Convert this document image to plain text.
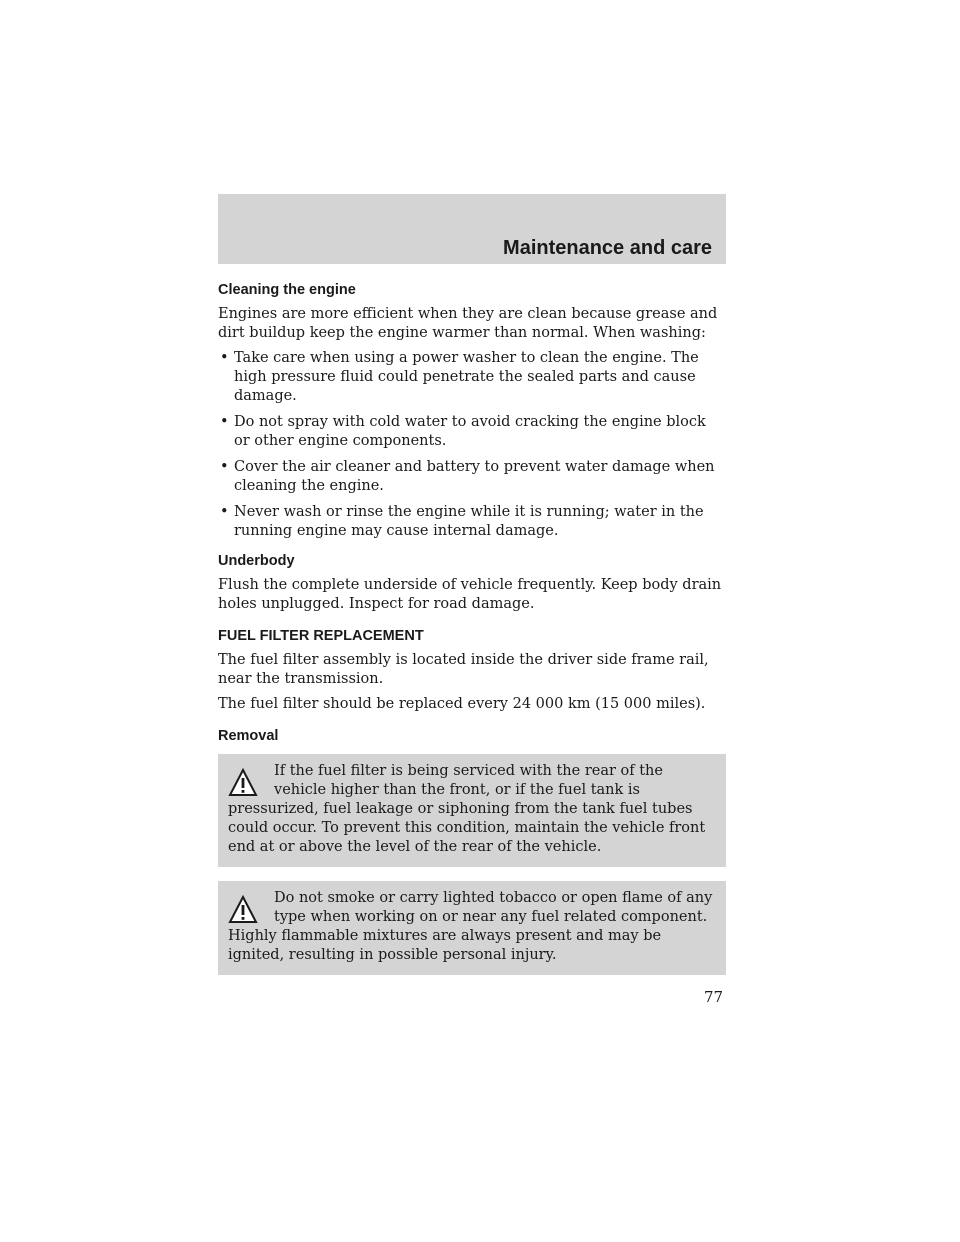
Maintenance and care
Cleaning the engine
Engines are more efficient when they are clean because grease and dirt buildup keep the engine warmer than normal. When washing:
• Take care when using a power washer to clean the engine. The high pressure fluid could penetrate the sealed parts and cause damage.
• Do not spray with cold water to avoid cracking the engine block or other engine components.
• Cover the air cleaner and battery to prevent water damage when cleaning the engine.
• Never wash or rinse the engine while it is running; water in the running engine may cause internal damage.
Underbody
Flush the complete underside of vehicle frequently. Keep body drain holes unplugged. Inspect for road damage.
FUEL FILTER REPLACEMENT
The fuel filter assembly is located inside the driver side frame rail, near the transmission.
The fuel filter should be replaced every 24 000 km (15 000 miles).
Removal
If the fuel filter is being serviced with the rear of the vehicle higher than the front, or if the fuel tank is pressurized, fuel leakage or siphoning from the tank fuel tubes could occur. To prevent this condition, maintain the vehicle front end at or above the level of the rear of the vehicle.
Do not smoke or carry lighted tobacco or open flame of any type when working on or near any fuel related component. Highly flammable mixtures are always present and may be ignited, resulting in possible personal injury.
77
